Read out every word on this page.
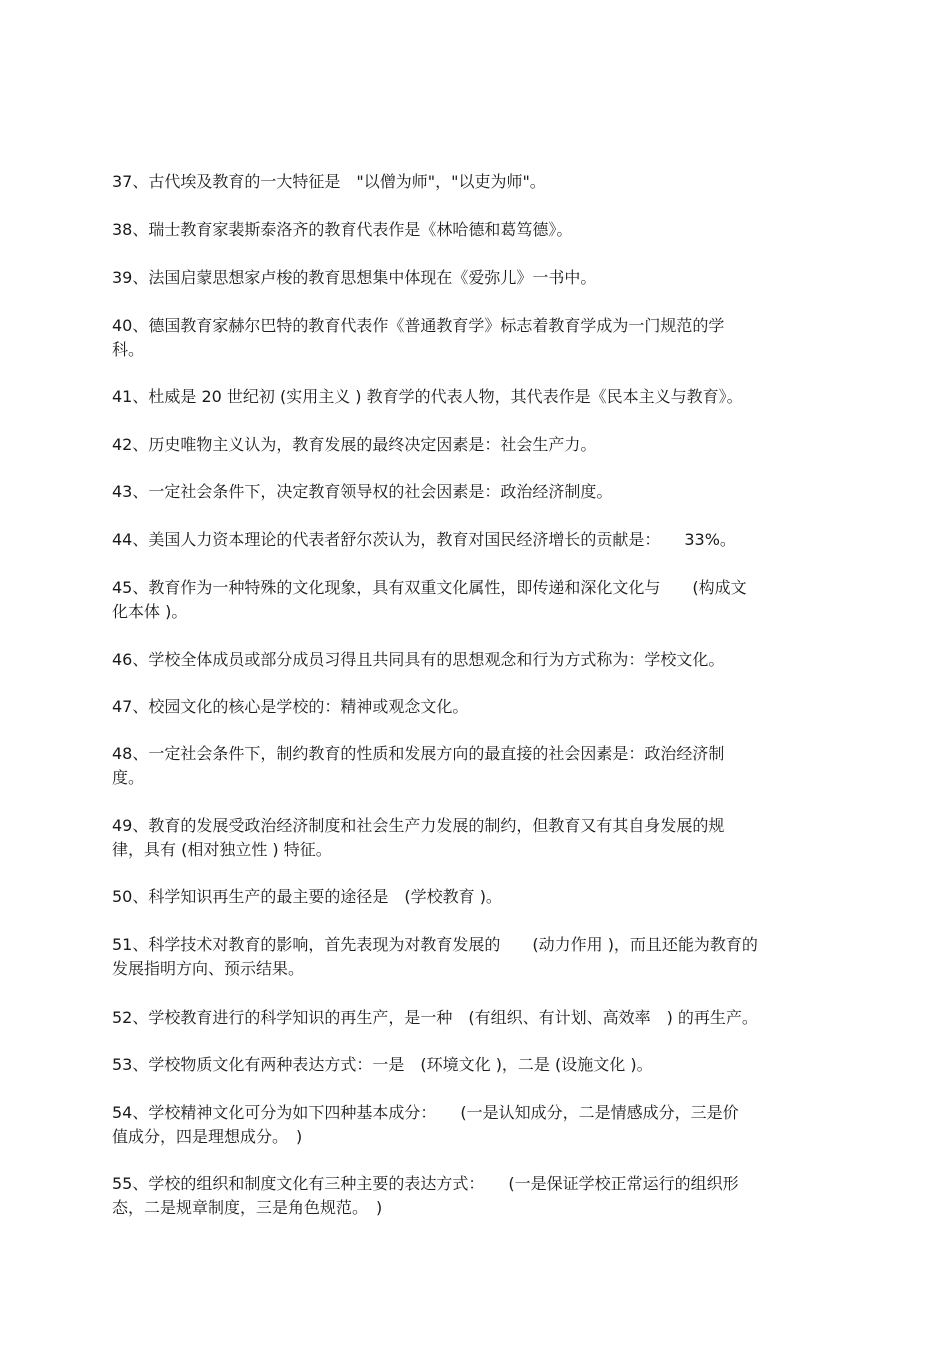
37、古代埃及教育的一大特征是　"以僧为师"，"以吏为师"。

38、瑞士教育家裴斯泰洛齐的教育代表作是《林哈德和葛笃德》。

39、法国启蒙思想家卢梭的教育思想集中体现在《爱弥儿》一书中。

40、德国教育家赫尔巴特的教育代表作《普通教育学》标志着教育学成为一门规范的学
科。

41、杜威是 20 世纪初 (实用主义 ) 教育学的代表人物，其代表作是《民本主义与教育》。

42、历史唯物主义认为，教育发展的最终决定因素是：社会生产力。

43、一定社会条件下，决定教育领导权的社会因素是：政治经济制度。

44、美国人力资本理论的代表者舒尔茨认为，教育对国民经济增长的贡献是：　　33%。

45、教育作为一种特殊的文化现象，具有双重文化属性，即传递和深化文化与　　(构成文
化本体 )。

46、学校全体成员或部分成员习得且共同具有的思想观念和行为方式称为：学校文化。

47、校园文化的核心是学校的：精神或观念文化。

48、一定社会条件下，制约教育的性质和发展方向的最直接的社会因素是：政治经济制
度。

49、教育的发展受政治经济制度和社会生产力发展的制约，但教育又有其自身发展的规
律，具有 (相对独立性 ) 特征。

50、科学知识再生产的最主要的途径是　(学校教育 )。

51、科学技术对教育的影响，首先表现为对教育发展的　　(动力作用 )，而且还能为教育的
发展指明方向、预示结果。

52、学校教育进行的科学知识的再生产，是一种　(有组织、有计划、高效率　) 的再生产。

53、学校物质文化有两种表达方式：一是　(环境文化 )，二是 (设施文化 )。

54、学校精神文化可分为如下四种基本成分：　　(一是认知成分，二是情感成分，三是价
值成分，四是理想成分。　)

55、学校的组织和制度文化有三种主要的表达方式：　　(一是保证学校正常运行的组织形
态，二是规章制度，三是角色规范。　)
